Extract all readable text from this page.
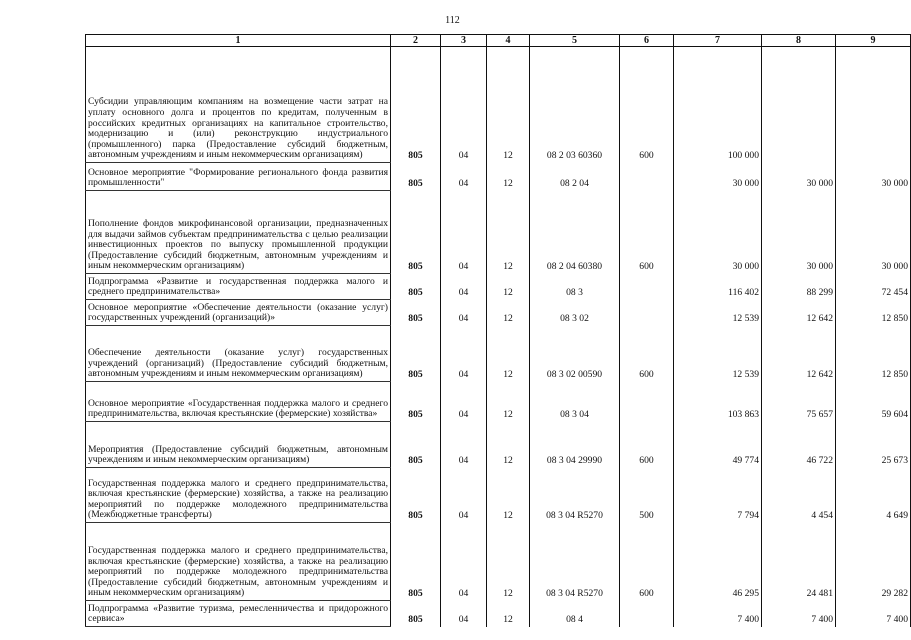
112
1	2	3	4	5	6	7	8	9
Субсидии управляющим компаниям на возмещение части затрат на уплату основного долга и процентов по кредитам, полученным в российских кредитных организациях на капитальное строительство, модернизацию и (или) реконструкцию индустриального (промышленного) парка (Предоставление субсидий бюджетным, автономным учреждениям и иным некоммерческим организациям)	805	04	12	08 2 03 60360	600	100 000		
Основное мероприятие "Формирование регионального фонда развития промышленности"	805	04	12	08 2 04		30 000	30 000	30 000
Пополнение фондов микрофинансовой организации, предназначенных для выдачи займов субъектам предпринимательства с целью реализации инвестиционных проектов по выпуску промышленной продукции (Предоставление субсидий бюджетным, автономным учреждениям и иным некоммерческим организациям)	805	04	12	08 2 04 60380	600	30 000	30 000	30 000
Подпрограмма «Развитие и государственная поддержка малого и среднего предпринимательства»	805	04	12	08 3		116 402	88 299	72 454
Основное мероприятие «Обеспечение деятельности (оказание услуг) государственных учреждений (организаций)»	805	04	12	08 3 02		12 539	12 642	12 850
Обеспечение деятельности (оказание услуг) государственных учреждений (организаций) (Предоставление субсидий бюджетным, автономным учреждениям и иным некоммерческим организациям)	805	04	12	08 3 02 00590	600	12 539	12 642	12 850
Основное мероприятие «Государственная поддержка малого и среднего предпринимательства, включая крестьянские (фермерские) хозяйства»	805	04	12	08 3 04		103 863	75 657	59 604
Мероприятия (Предоставление субсидий бюджетным, автономным учреждениям и иным некоммерческим организациям)	805	04	12	08 3 04 29990	600	49 774	46 722	25 673
Государственная поддержка малого и среднего предпринимательства, включая крестьянские (фермерские) хозяйства, а также на реализацию мероприятий по поддержке молодежного предпринимательства (Межбюджетные трансферты)	805	04	12	08 3 04 R5270	500	7 794	4 454	4 649
Государственная поддержка малого и среднего предпринимательства, включая крестьянские (фермерские) хозяйства, а также на реализацию мероприятий по поддержке молодежного предпринимательства (Предоставление субсидий бюджетным, автономным учреждениям и иным некоммерческим организациям)	805	04	12	08 3 04 R5270	600	46 295	24 481	29 282
Подпрограмма «Развитие туризма, ремесленничества и придорожного сервиса»	805	04	12	08 4		7 400	7 400	7 400
